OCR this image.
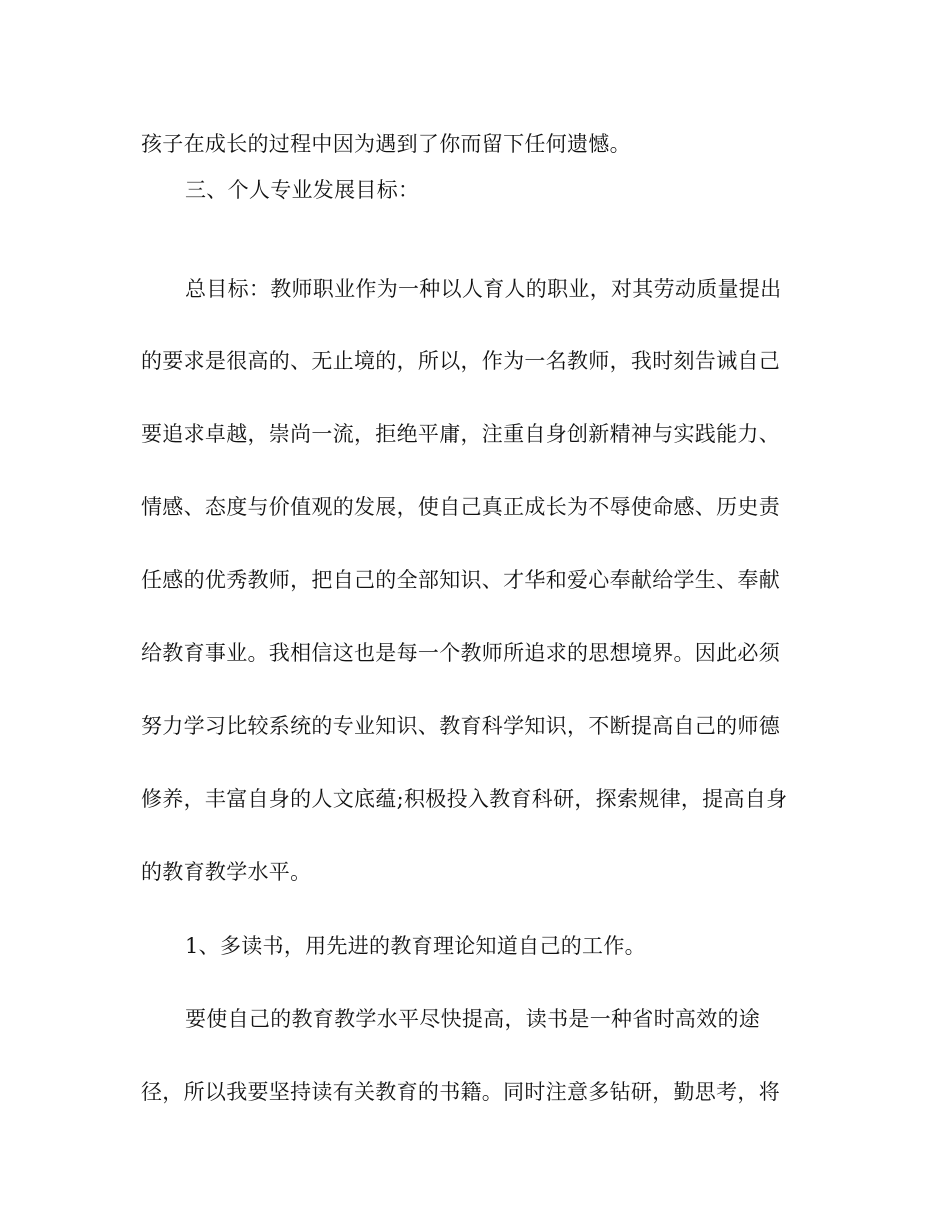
孩子在成长的过程中因为遇到了你而留下任何遗憾。
三、个人专业发展目标：
总目标：教师职业作为一种以人育人的职业，对其劳动质量提出
的要求是很高的、无止境的，所以，作为一名教师，我时刻告诫自己
要追求卓越，崇尚一流，拒绝平庸，注重自身创新精神与实践能力、
情感、态度与价值观的发展，使自己真正成长为不辱使命感、历史责
任感的优秀教师，把自己的全部知识、才华和爱心奉献给学生、奉献
给教育事业。我相信这也是每一个教师所追求的思想境界。因此必须
努力学习比较系统的专业知识、教育科学知识，不断提高自己的师德
修养，丰富自身的人文底蕴;积极投入教育科研，探索规律，提高自身
的教育教学水平。
1、多读书，用先进的教育理论知道自己的工作。
要使自己的教育教学水平尽快提高，读书是一种省时高效的途
径，所以我要坚持读有关教育的书籍。同时注意多钻研，勤思考，将
